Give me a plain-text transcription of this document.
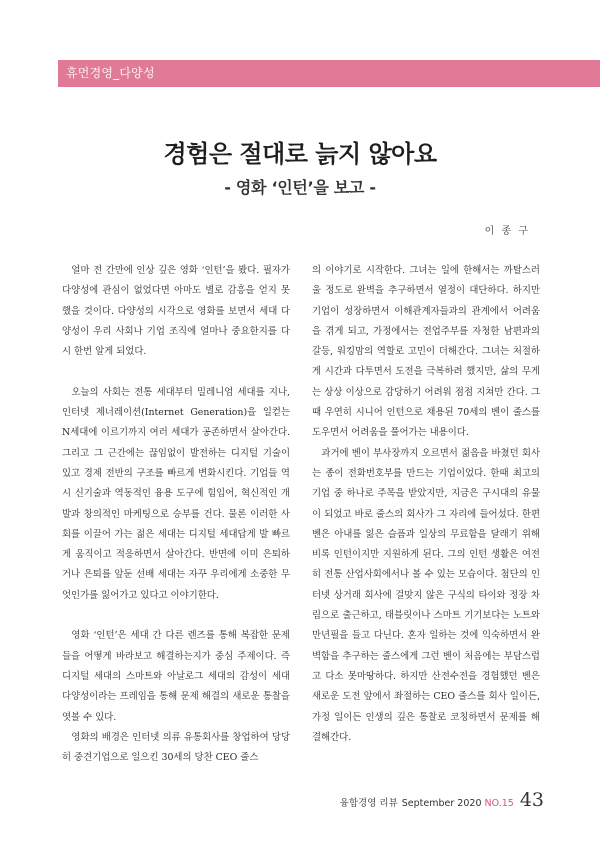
휴먼경영_다양성
경험은 절대로 늙지 않아요
- 영화 ‘인턴’을 보고 -
이 종 구

얼마 전 간만에 인상 깊은 영화 ‘인턴’을 봤다. 필자가 다양성에 관심이 없었다면 아마도 별로 감흥을 얻지 못했을 것이다. 다양성의 시각으로 영화를 보면서 세대 다양성이 우리 사회나 기업 조직에 얼마나 중요한지를 다시 한번 알게 되었다.

오늘의 사회는 전통 세대부터 밀레니엄 세대를 지나, 인터넷 제너레이션(Internet Generation)을 일컫는 N세대에 이르기까지 여러 세대가 공존하면서 살아간다. 그리고 그 근간에는 끊임없이 발전하는 디지털 기술이 있고 경제 전반의 구조를 빠르게 변화시킨다. 기업들 역시 신기술과 역동적인 융용 도구에 힘입어, 혁신적인 개발과 창의적인 마케팅으로 승부를 건다. 물론 이러한 사회를 이끌어 가는 젊은 세대는 디지털 세대답게 발 빠르게 움직이고 적응하면서 살아간다. 반면에 이미 은퇴하거나 은퇴를 앞둔 선배 세대는 자꾸 우리에게 소중한 무엇인가를 잃어가고 있다고 이야기한다.

영화 ‘인턴’은 세대 간 다른 렌즈를 통해 복잡한 문제들을 어떻게 바라보고 해결하는지가 중심 주제이다. 즉 디지털 세대의 스마트와 아날로그 세대의 감성이 세대 다양성이라는 프레임을 통해 문제 해결의 새로운 통찰을 엿볼 수 있다.

영화의 배경은 인터넷 의류 유통회사를 창업하여 당당히 중견기업으로 일으킨 30세의 당찬 CEO 줄스

의 이야기로 시작한다. 그녀는 일에 한해서는 까탈스러울 정도로 완벽을 추구하면서 열정이 대단하다. 하지만 기업이 성장하면서 이해관계자들과의 관계에서 어려움을 겪게 되고, 가정에서는 전업주부를 자청한 남편과의 갈등, 워킹맘의 역할로 고민이 더해간다. 그녀는 처절하게 시간과 다투면서 도전을 극복하려 했지만, 삶의 무게는 상상 이상으로 감당하기 어려워 점점 지쳐만 간다. 그때 우연히 시니어 인턴으로 채용된 70세의 벤이 줄스를 도우면서 어려움을 풀어가는 내용이다.

과거에 벤이 부사장까지 오르면서 젊음을 바쳤던 회사는 종이 전화번호부를 만드는 기업이었다. 한때 최고의 기업 중 하나로 주목을 받았지만, 지금은 구시대의 유물이 되었고 바로 줄스의 회사가 그 자리에 들어섰다. 한편 벤은 아내를 잃은 슬픔과 일상의 무료함을 달래기 위해 비록 인턴이지만 지원하게 된다. 그의 인턴 생활은 여전히 전통 산업사회에서나 볼 수 있는 모습이다. 첨단의 인터넷 상거래 회사에 걸맞지 않은 구식의 타이와 정장 차림으로 출근하고, 태블릿이나 스마트 기기보다는 노트와 만년필을 들고 다닌다. 혼자 일하는 것에 익숙하면서 완벽함을 추구하는 줄스에게 그런 벤이 처음에는 부담스럽고 다소 못마땅하다. 하지만 산전수전을 경험했던 벤은 새로운 도전 앞에서 좌절하는 CEO 줄스를 회사 일이든, 가정 일이든 인생의 깊은 통찰로 코칭하면서 문제를 해결해간다.

융합경영 리뷰 September 2020 NO.15 43
